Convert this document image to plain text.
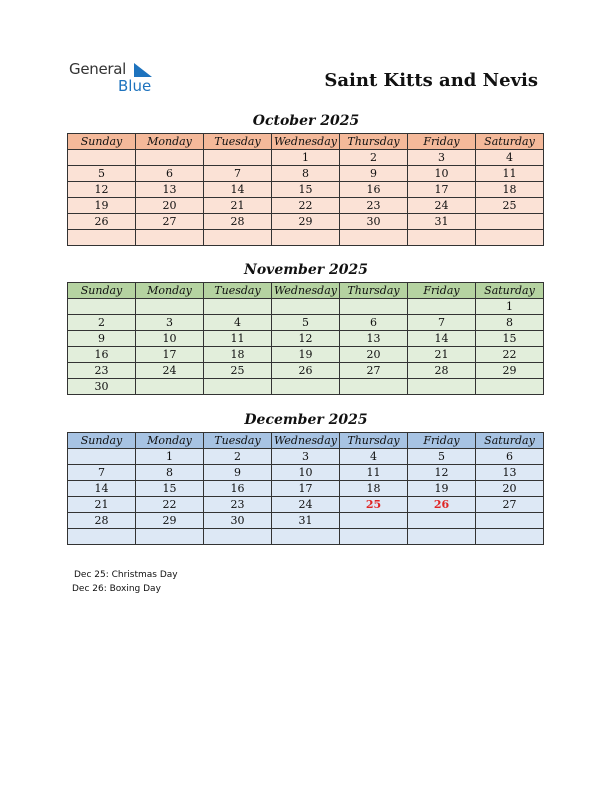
General
Blue	Saint Kitts and Nevis
October 2025
Sunday	Monday	Tuesday	Wednesday	Thursday	Friday	Saturday
			1	2	3	4
5	6	7	8	9	10	11
12	13	14	15	16	17	18
19	20	21	22	23	24	25
26	27	28	29	30	31	

November 2025
Sunday	Monday	Tuesday	Wednesday	Thursday	Friday	Saturday
						1
2	3	4	5	6	7	8
9	10	11	12	13	14	15
16	17	18	19	20	21	22
23	24	25	26	27	28	29
30						
December 2025
Sunday	Monday	Tuesday	Wednesday	Thursday	Friday	Saturday
	1	2	3	4	5	6
7	8	9	10	11	12	13
14	15	16	17	18	19	20
21	22	23	24	25	26	27
28	29	30	31			

Dec 25: Christmas Day
Dec 26: Boxing Day
